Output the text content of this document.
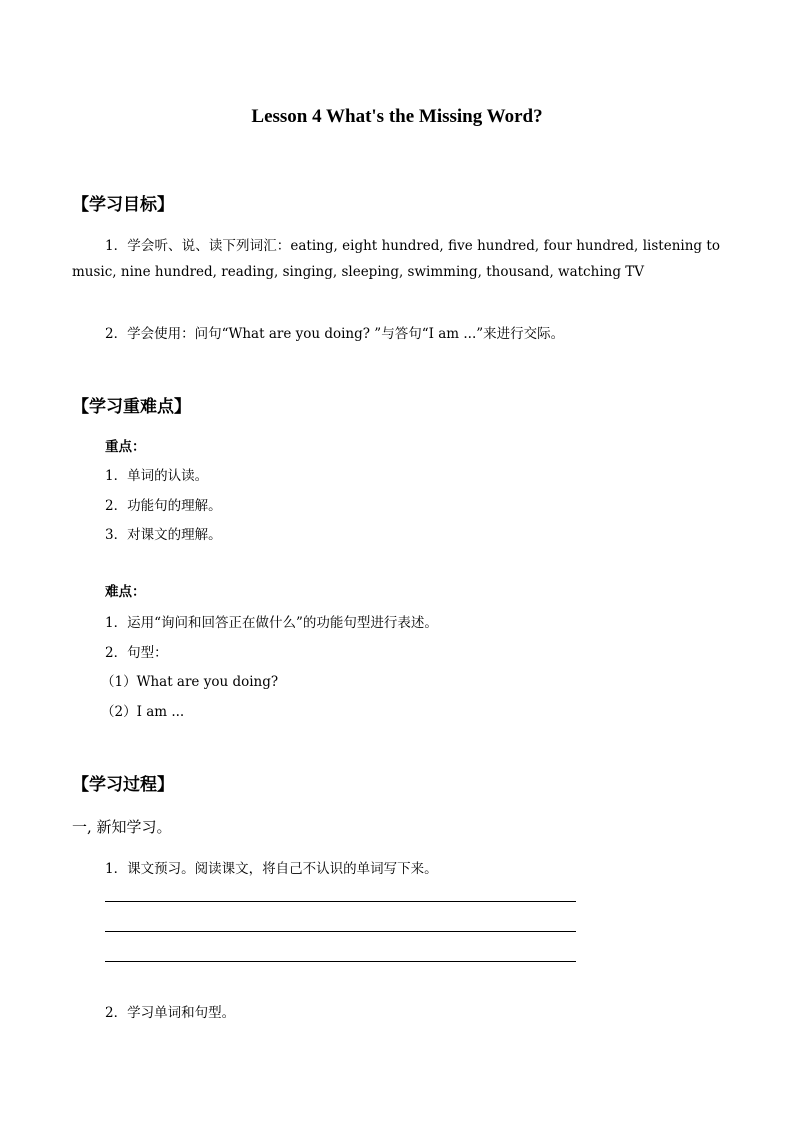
Lesson 4 What's the Missing Word?
【学习目标】
1．学会听、说、读下列词汇：eating, eight hundred, five hundred, four hundred, listening to
music, nine hundred, reading, singing, sleeping, swimming, thousand, watching TV
2．学会使用：问句“What are you doing? ”与答句“I am ...”来进行交际。
【学习重难点】
重点：
1．单词的认读。
2．功能句的理解。
3．对课文的理解。
难点：
1．运用“询问和回答正在做什么”的功能句型进行表述。
2．句型：
（1）What are you doing?
（2）I am ...
【学习过程】
一, 新知学习。
1．课文预习。阅读课文，将自己不认识的单词写下来。
2．学习单词和句型。
